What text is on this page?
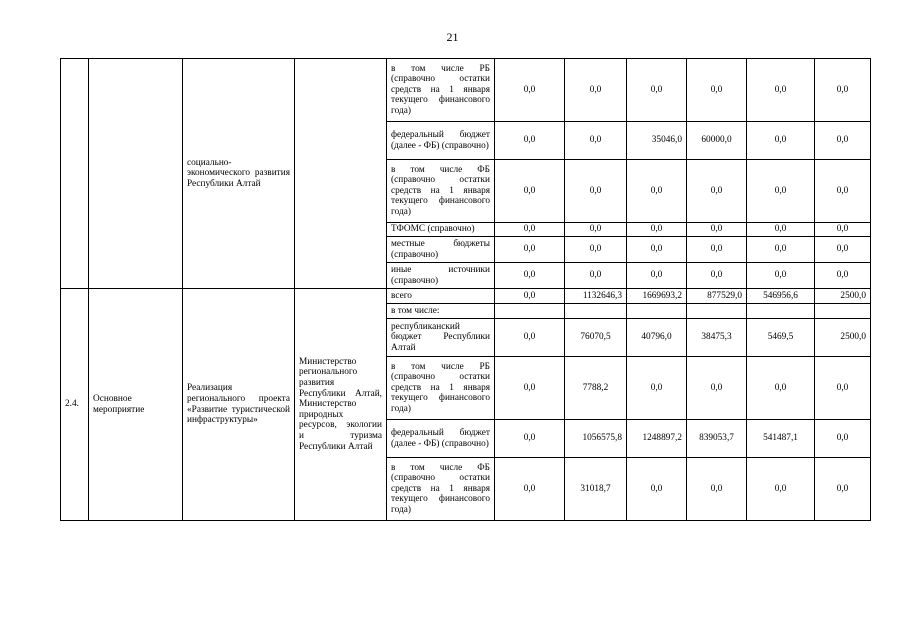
21
		социально-экономического развития Республики Алтай		в том числе РБ (справочно остатки средств на 1 января текущего финансового года)	0,0	0,0	0,0	0,0	0,0	0,0
				федеральный бюджет (далее - ФБ) (справочно)	0,0	0,0	35046,0	60000,0	0,0	0,0
				в том числе ФБ (справочно остатки средств на 1 января текущего финансового года)	0,0	0,0	0,0	0,0	0,0	0,0
				ТФОМС (справочно)	0,0	0,0	0,0	0,0	0,0	0,0
				местные бюджеты (справочно)	0,0	0,0	0,0	0,0	0,0	0,0
				иные источники (справочно)	0,0	0,0	0,0	0,0	0,0	0,0
2.4.	Основное мероприятие	Реализация регионального проекта «Развитие туристической инфраструктуры»	Министерство регионального развития Республики Алтай, Министерство природных ресурсов, экологии и туризма Республики Алтай	всего	0,0	1132646,3	1669693,2	877529,0	546956,6	2500,0
				в том числе:						
				республиканский бюджет Республики Алтай	0,0	76070,5	40796,0	38475,3	5469,5	2500,0
				в том числе РБ (справочно остатки средств на 1 января текущего финансового года)	0,0	7788,2	0,0	0,0	0,0	0,0
				федеральный бюджет (далее - ФБ) (справочно)	0,0	1056575,8	1248897,2	839053,7	541487,1	0,0
				в том числе ФБ (справочно остатки средств на 1 января текущего финансового года)	0,0	31018,7	0,0	0,0	0,0	0,0
